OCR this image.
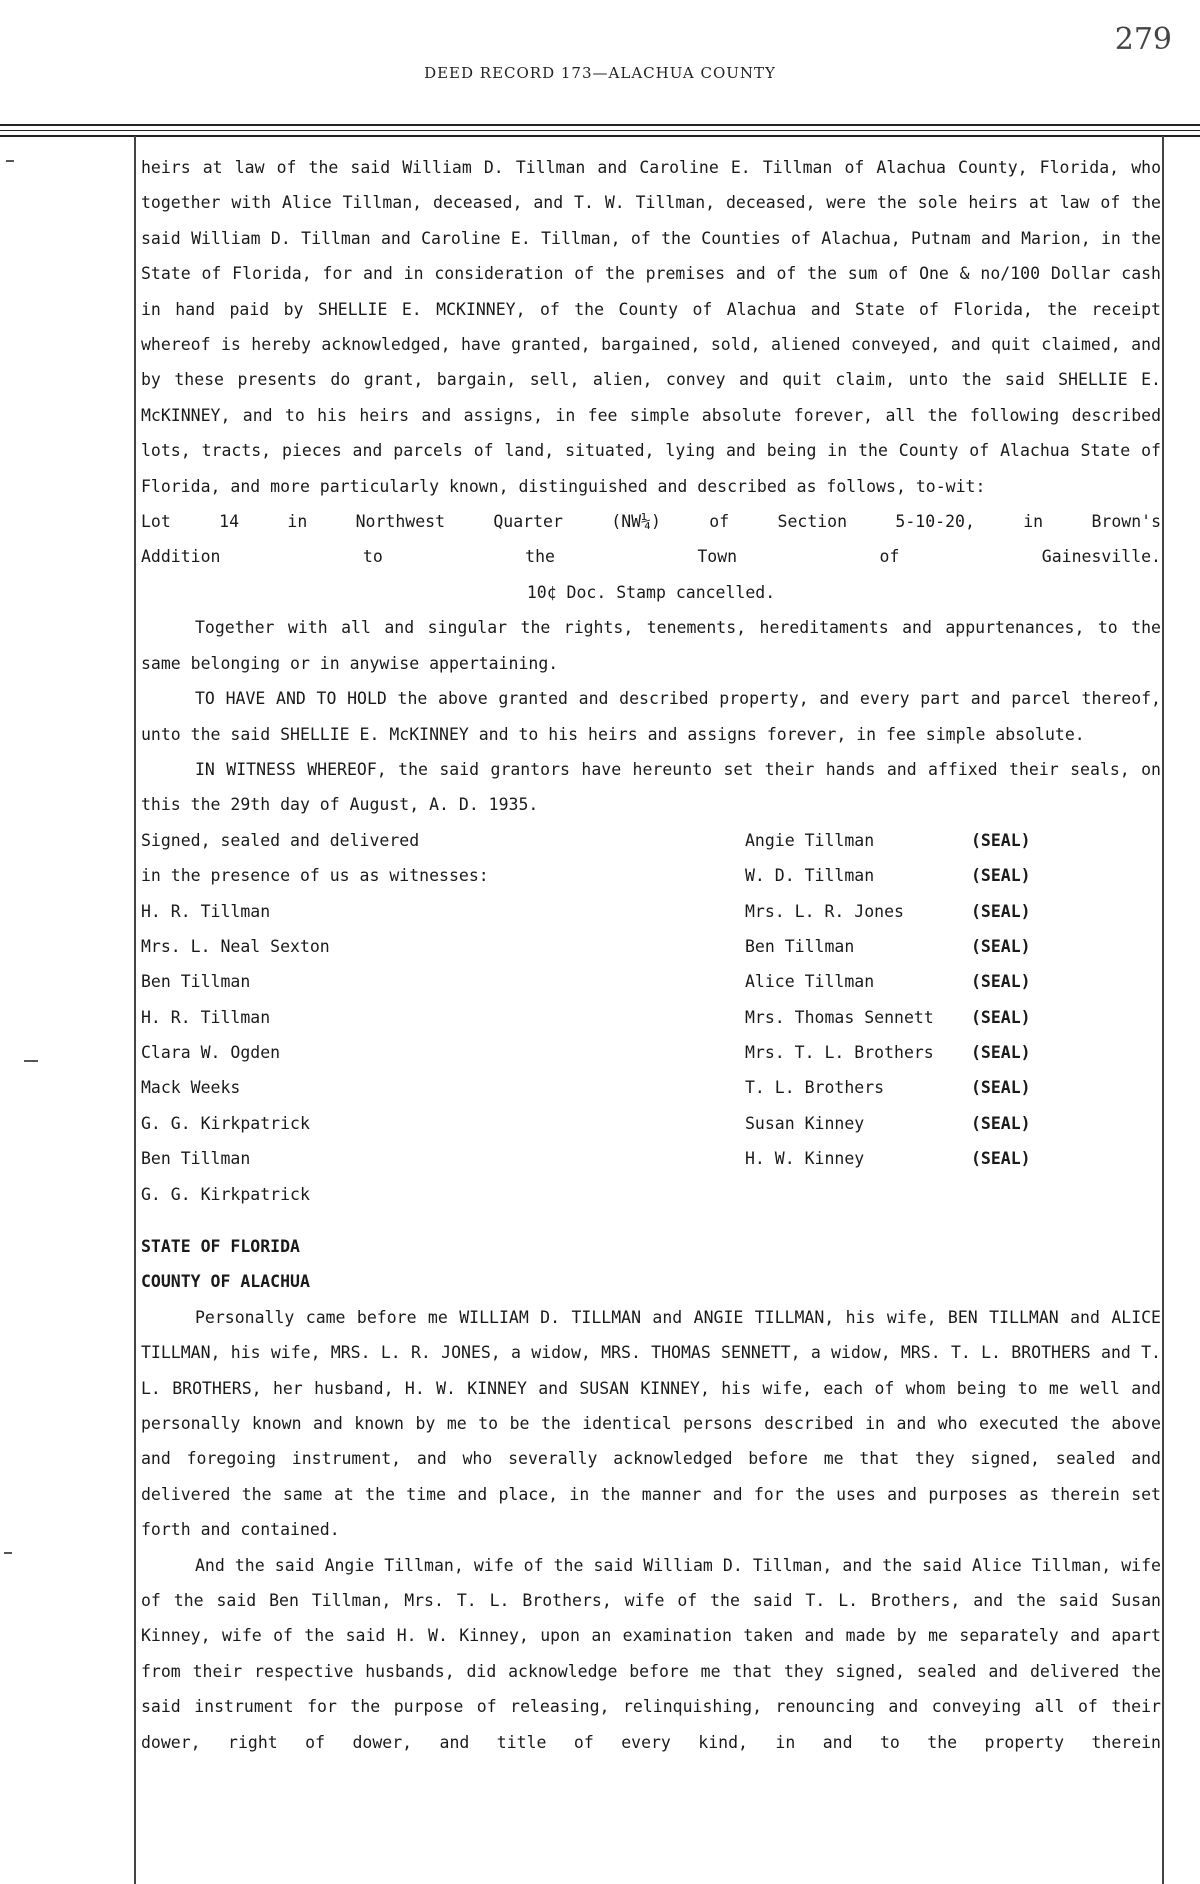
279
DEED RECORD 173—ALACHUA COUNTY

heirs at law of the said William D. Tillman and Caroline E. Tillman of Alachua County, Florida, who together with Alice Tillman, deceased, and T. W. Tillman, deceased, were the sole heirs at law of the said William D. Tillman and Caroline E. Tillman, of the Counties of Alachua, Putnam and Marion, in the State of Florida, for and in consideration of the premises and of the sum of One & no/100 Dollar cash in hand paid by SHELLIE E. MCKINNEY, of the County of Alachua and State of Florida, the receipt whereof is hereby acknowledged, have granted, bargained, sold, aliened conveyed, and quit claimed, and by these presents do grant, bargain, sell, alien, convey and quit claim, unto the said SHELLIE E. McKINNEY, and to his heirs and assigns, in fee simple absolute forever, all the following described lots, tracts, pieces and parcels of land, situated, lying and being in the County of Alachua State of Florida, and more particularly known, distinguished and described as follows, to-wit:

Lot 14 in Northwest Quarter (NW¼) of Section 5-10-20, in Brown's

Addition to the Town of Gainesville.

10¢ Doc. Stamp cancelled.

Together with all and singular the rights, tenements, hereditaments and appurtenances, to the same belonging or in anywise appertaining.

TO HAVE AND TO HOLD the above granted and described property, and every part and parcel thereof, unto the said SHELLIE E. McKINNEY and to his heirs and assigns forever, in fee simple absolute.

IN WITNESS WHEREOF, the said grantors have hereunto set their hands and affixed their seals, on this the 29th day of August, A. D. 1935.

Signed, sealed and delivered	Angie Tillman	(SEAL)
in the presence of us as witnesses:	W. D. Tillman	(SEAL)
H. R. Tillman	Mrs. L. R. Jones	(SEAL)
Mrs. L. Neal Sexton	Ben Tillman	(SEAL)
Ben Tillman	Alice Tillman	(SEAL)
H. R. Tillman	Mrs. Thomas Sennett	(SEAL)
Clara W. Ogden	Mrs. T. L. Brothers	(SEAL)
Mack Weeks	T. L. Brothers	(SEAL)
G. G. Kirkpatrick	Susan Kinney	(SEAL)
Ben Tillman	H. W. Kinney	(SEAL)
G. G. Kirkpatrick

STATE OF FLORIDA

COUNTY OF ALACHUA

Personally came before me WILLIAM D. TILLMAN and ANGIE TILLMAN, his wife, BEN TILLMAN and ALICE TILLMAN, his wife, MRS. L. R. JONES, a widow, MRS. THOMAS SENNETT, a widow, MRS. T. L. BROTHERS and T. L. BROTHERS, her husband, H. W. KINNEY and SUSAN KINNEY, his wife, each of whom being to me well and personally known and known by me to be the identical persons described in and who executed the above and foregoing instrument, and who severally acknowledged before me that they signed, sealed and delivered the same at the time and place, in the manner and for the uses and purposes as therein set forth and contained.

And the said Angie Tillman, wife of the said William D. Tillman, and the said Alice Tillman, wife of the said Ben Tillman, Mrs. T. L. Brothers, wife of the said T. L. Brothers, and the said Susan Kinney, wife of the said H. W. Kinney, upon an examination taken and made by me separately and apart from their respective husbands, did acknowledge before me that they signed, sealed and delivered the said instrument for the purpose of releasing, relinquishing, renouncing and conveying all of their dower, right of dower, and title of every kind, in and to the property therein
